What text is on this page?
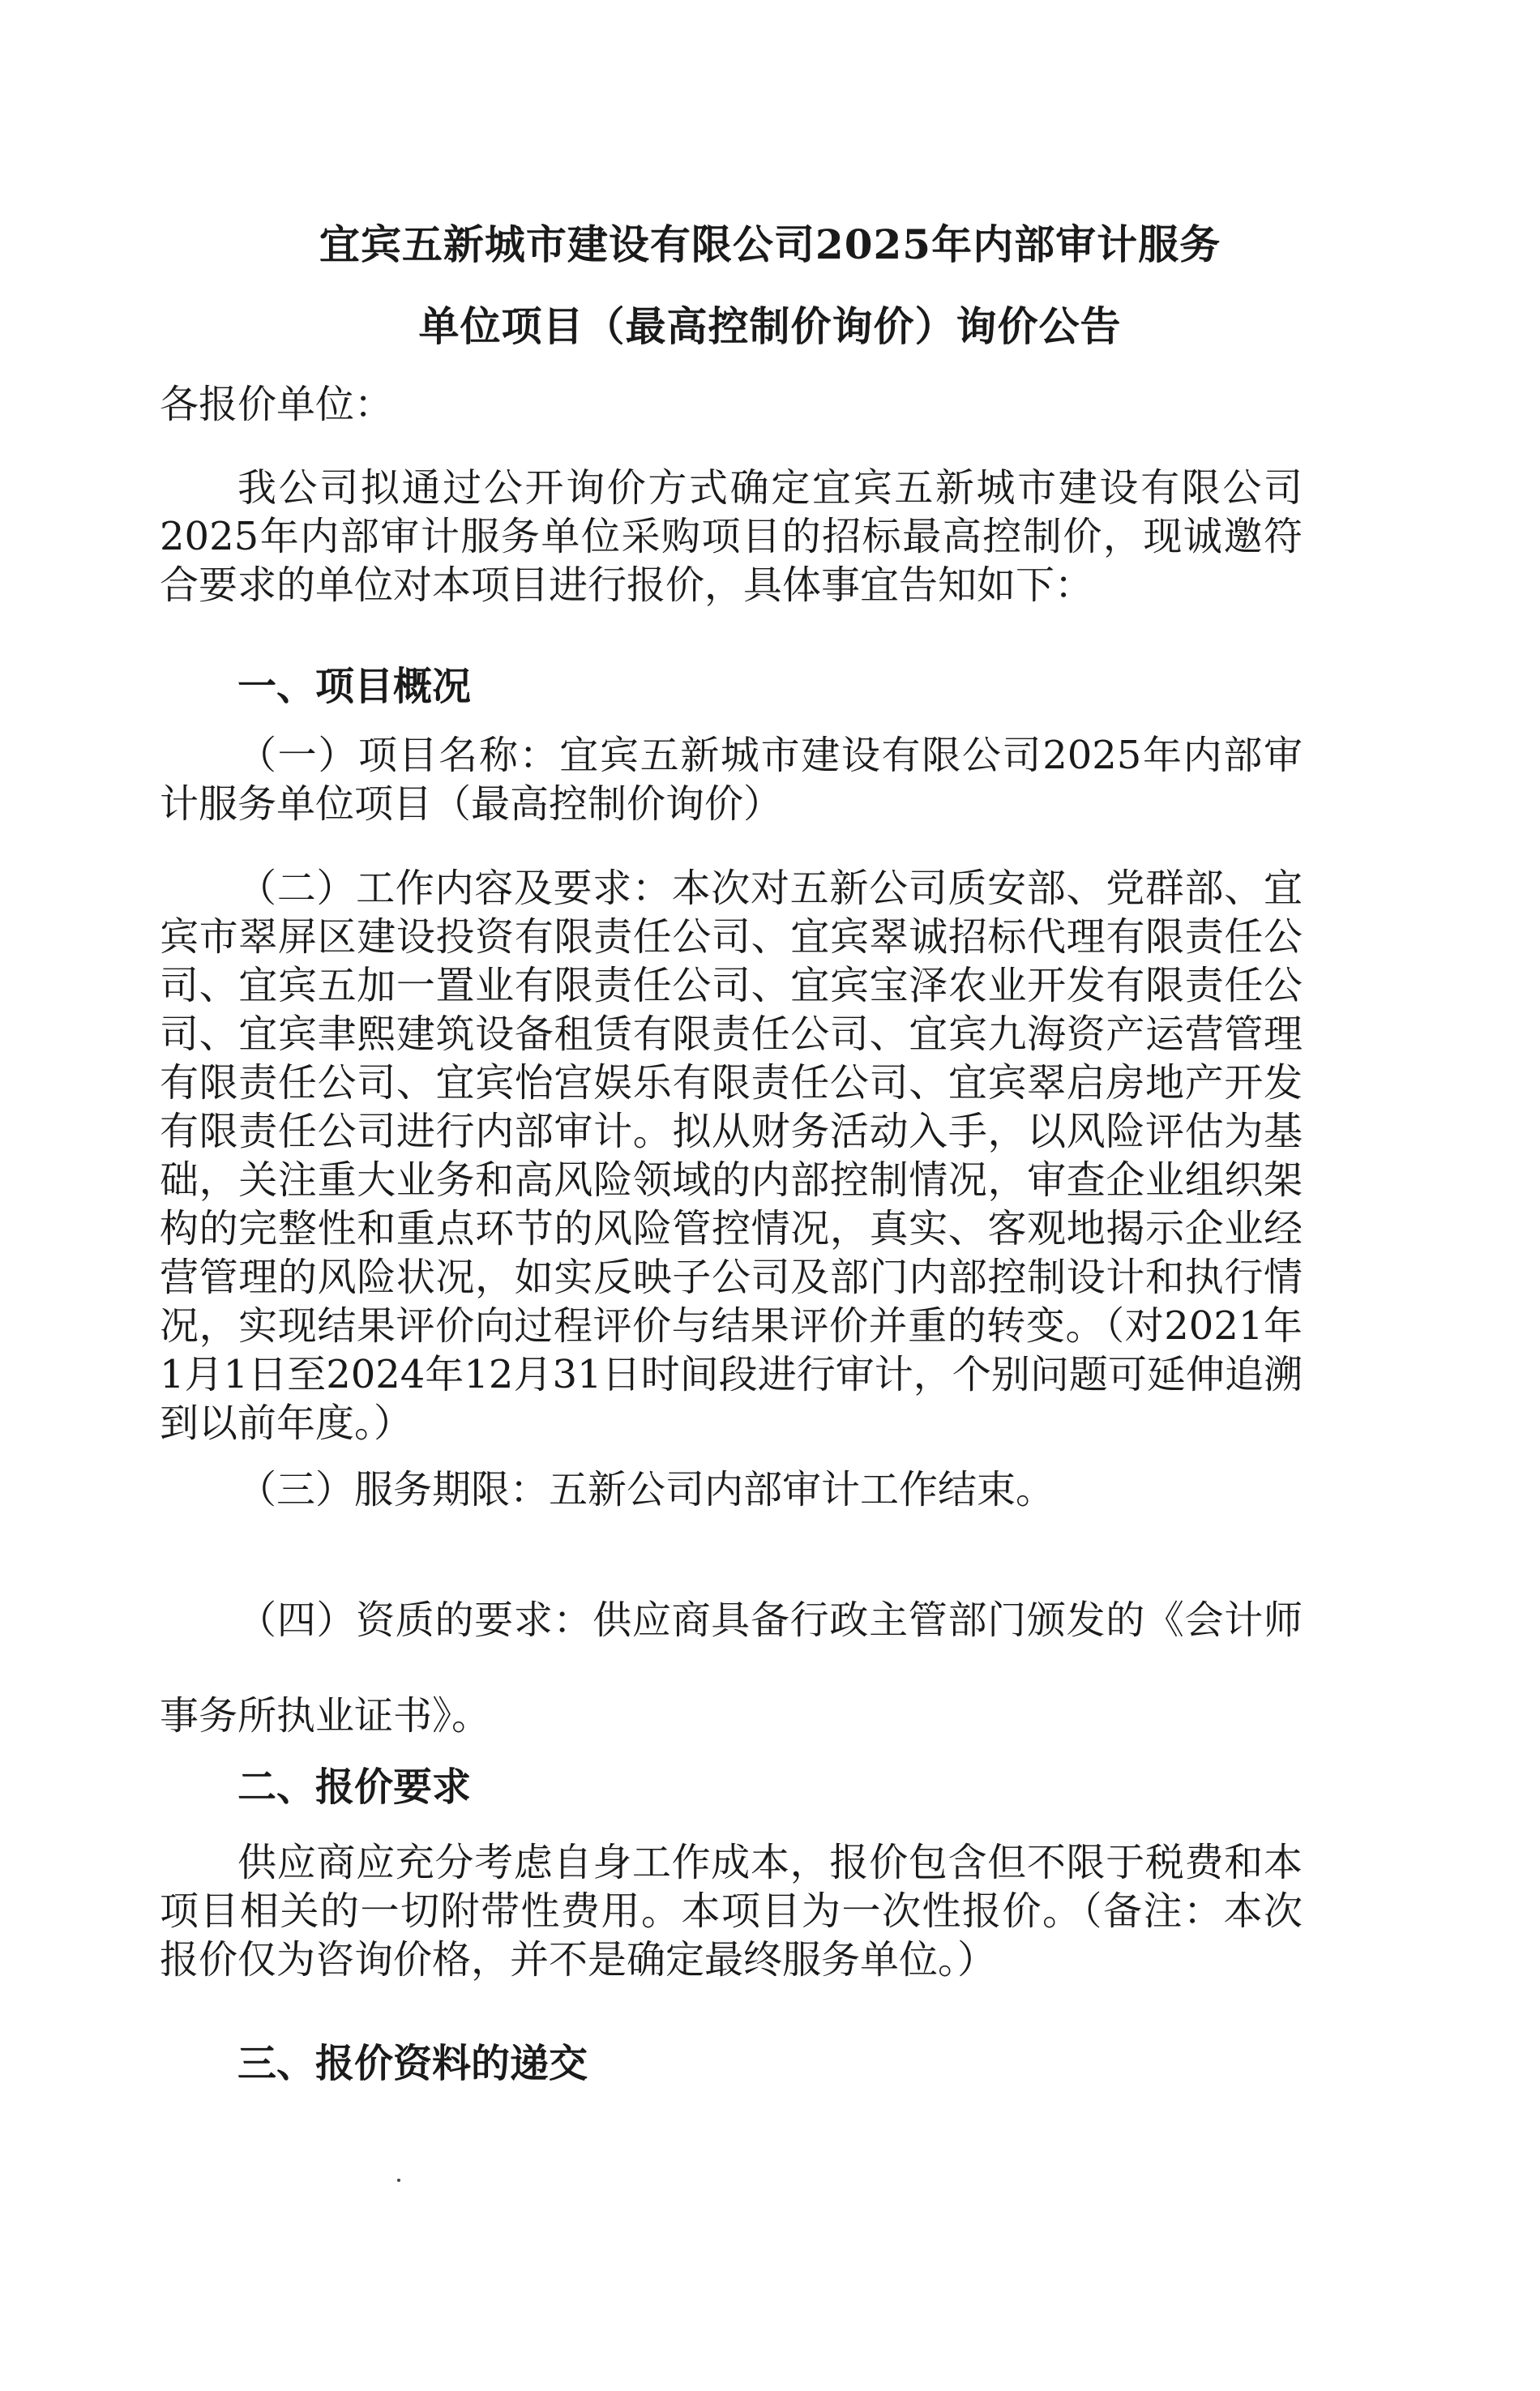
宜宾五新城市建设有限公司2025年内部审计服务
单位项目（最高控制价询价）询价公告
各报价单位：

我公司拟通过公开询价方式确定宜宾五新城市建设有限公司2025年内部审计服务单位采购项目的招标最高控制价，现诚邀符合要求的单位对本项目进行报价，具体事宜告知如下：

一、项目概况

（一）项目名称：宜宾五新城市建设有限公司2025年内部审计服务单位项目（最高控制价询价）

（二）工作内容及要求：本次对五新公司质安部、党群部、宜宾市翠屏区建设投资有限责任公司、宜宾翠诚招标代理有限责任公司、宜宾五加一置业有限责任公司、宜宾宝泽农业开发有限责任公司、宜宾聿熙建筑设备租赁有限责任公司、宜宾九海资产运营管理有限责任公司、宜宾怡宫娱乐有限责任公司、宜宾翠启房地产开发有限责任公司进行内部审计。拟从财务活动入手，以风险评估为基础，关注重大业务和高风险领域的内部控制情况，审查企业组织架构的完整性和重点环节的风险管控情况，真实、客观地揭示企业经营管理的风险状况，如实反映子公司及部门内部控制设计和执行情况，实现结果评价向过程评价与结果评价并重的转变。（对2021年1月1日至2024年12月31日时间段进行审计，个别问题可延伸追溯到以前年度。）

（三）服务期限：五新公司内部审计工作结束。

（四）资质的要求：供应商具备行政主管部门颁发的《会计师事务所执业证书》。

二、报价要求

供应商应充分考虑自身工作成本，报价包含但不限于税费和本项目相关的一切附带性费用。本项目为一次性报价。（备注：本次报价仅为咨询价格，并不是确定最终服务单位。）

三、报价资料的递交
